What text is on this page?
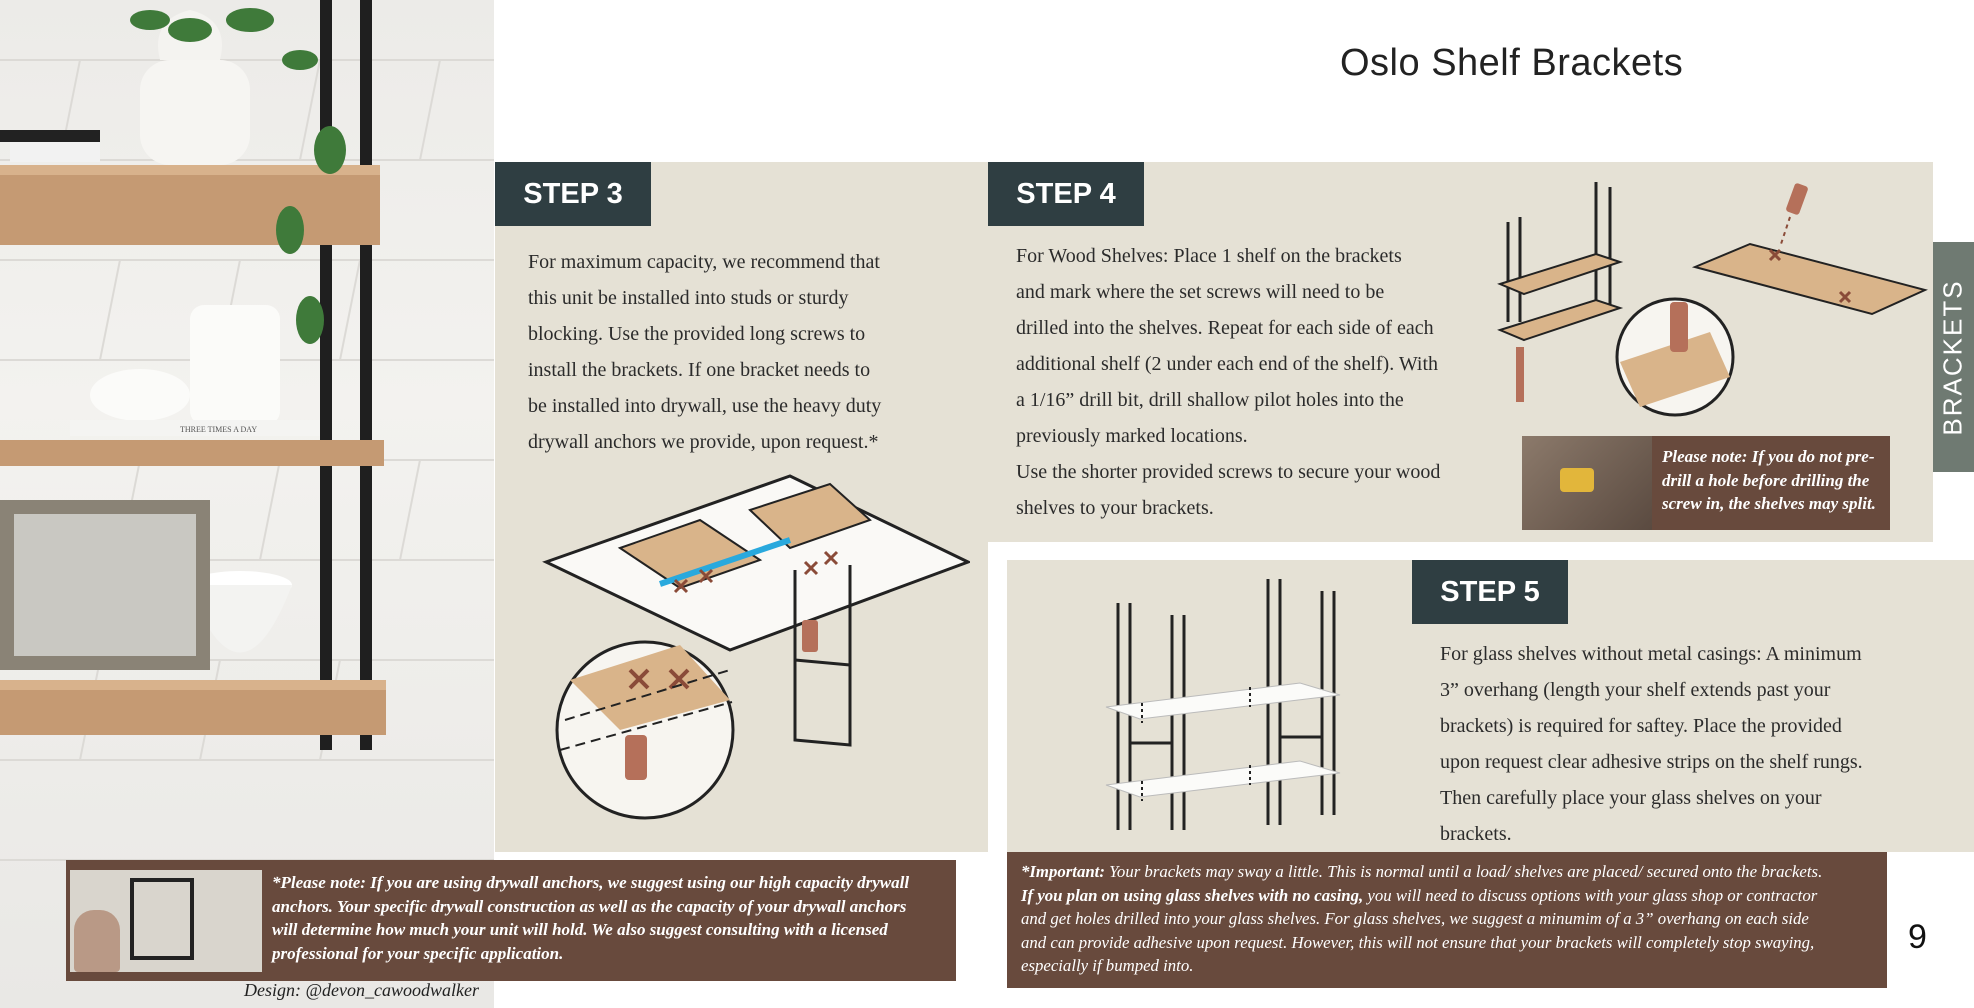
THREE TIMES A DAY
Oslo Shelf Brackets
STEP 3
For maximum capacity, we recommend that
this unit be installed into studs or sturdy
blocking. Use the provided long screws to
install the brackets. If one bracket needs to
be installed into drywall, use the heavy duty
drywall anchors we provide, upon request.*
STEP 4
For Wood Shelves: Place 1 shelf on the brackets
and mark where the set screws will need to be
drilled into the shelves. Repeat for each side of each
additional shelf (2 under each end of the shelf). With
a 1/16” drill bit, drill shallow pilot holes into the
previously marked locations.
Use the shorter provided screws to secure your wood
shelves to your brackets.
Please note: If you do not pre-
drill a hole before drilling the
screw in, the shelves may split.
BRACKETS
STEP 5
For glass shelves without metal casings: A minimum
3” overhang (length your shelf extends past your
brackets) is required for saftey. Place the provided
upon request clear adhesive strips on the shelf rungs.
Then carefully place your glass shelves on your
brackets.
*Please note: If you are using drywall anchors, we suggest using our high capacity drywall
anchors. Your specific drywall construction as well as the capacity of your drywall anchors
will determine how much your unit will hold. We also suggest consulting with a licensed
professional for your specific application.
*Important: Your brackets may sway a little. This is normal until a load/ shelves are placed/ secured onto the brackets.
If you plan on using glass shelves with no casing, you will need to discuss options with your glass shop or contractor
and get holes drilled into your glass shelves. For glass shelves, we suggest a minumim of a 3” overhang on each side
and can provide adhesive upon request. However, this will not ensure that your brackets will completely stop swaying,
especially if bumped into.
9
Design: @devon_cawoodwalker
